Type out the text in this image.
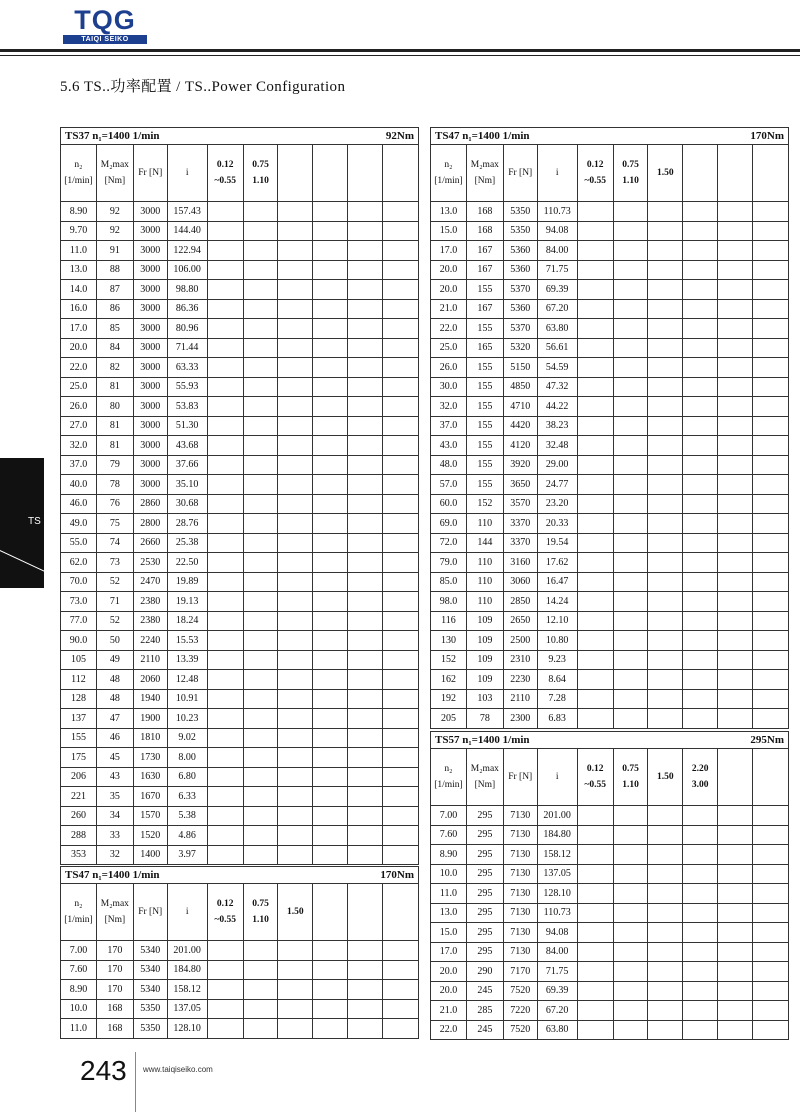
TQG
TAIQI SEIKO
5.6 TS..功率配置 / TS..Power Configuration
TS
TS37 n₁=1400 1/min 92Nm									

n₂ [1/min]	M₂max [Nm]	Fr [N]	i	0.12 ~0.55	0.75 1.10				
8.90	92	3000	157.43						
9.70	92	3000	144.40						
11.0	91	3000	122.94						
13.0	88	3000	106.00						
14.0	87	3000	98.80						
16.0	86	3000	86.36						
17.0	85	3000	80.96						
20.0	84	3000	71.44						
22.0	82	3000	63.33						
25.0	81	3000	55.93						
26.0	80	3000	53.83						
27.0	81	3000	51.30						
32.0	81	3000	43.68						
37.0	79	3000	37.66						
40.0	78	3000	35.10						
46.0	76	2860	30.68						
49.0	75	2800	28.76						
55.0	74	2660	25.38						
62.0	73	2530	22.50						
70.0	52	2470	19.89						
73.0	71	2380	19.13						
77.0	52	2380	18.24						
90.0	50	2240	15.53						
105	49	2110	13.39						
112	48	2060	12.48						
128	48	1940	10.91						
137	47	1900	10.23						
155	46	1810	9.02						
175	45	1730	8.00						
206	43	1630	6.80						
221	35	1670	6.33						
260	34	1570	5.38						
288	33	1520	4.86						
353	32	1400	3.97						
TS47 n₁=1400 1/min 170Nm									

n₂ [1/min]	M₂max [Nm]	Fr [N]	i	0.12 ~0.55	0.75 1.10	1.50			
7.00	170	5340	201.00						
7.60	170	5340	184.80						
8.90	170	5340	158.12						
10.0	168	5350	137.05						
11.0	168	5350	128.10						
TS47 n₁=1400 1/min 170Nm									

n₂ [1/min]	M₂max [Nm]	Fr [N]	i	0.12 ~0.55	0.75 1.10	1.50			
13.0	168	5350	110.73						
15.0	168	5350	94.08						
17.0	167	5360	84.00						
20.0	167	5360	71.75						
20.0	155	5370	69.39						
21.0	167	5360	67.20						
22.0	155	5370	63.80						
25.0	165	5320	56.61						
26.0	155	5150	54.59						
30.0	155	4850	47.32						
32.0	155	4710	44.22						
37.0	155	4420	38.23						
43.0	155	4120	32.48						
48.0	155	3920	29.00						
57.0	155	3650	24.77						
60.0	152	3570	23.20						
69.0	110	3370	20.33						
72.0	144	3370	19.54						
79.0	110	3160	17.62						
85.0	110	3060	16.47						
98.0	110	2850	14.24						
116	109	2650	12.10						
130	109	2500	10.80						
152	109	2310	9.23						
162	109	2230	8.64						
192	103	2110	7.28						
205	78	2300	6.83						
TS57 n₁=1400 1/min 295Nm									

n₂ [1/min]	M₂max [Nm]	Fr [N]	i	0.12 ~0.55	0.75 1.10	1.50	2.20 3.00		
7.00	295	7130	201.00						
7.60	295	7130	184.80						
8.90	295	7130	158.12						
10.0	295	7130	137.05						
11.0	295	7130	128.10						
13.0	295	7130	110.73						
15.0	295	7130	94.08						
17.0	295	7130	84.00						
20.0	290	7170	71.75						
20.0	245	7520	69.39						
21.0	285	7220	67.20						
22.0	245	7520	63.80						
243 www.taiqiseiko.com
